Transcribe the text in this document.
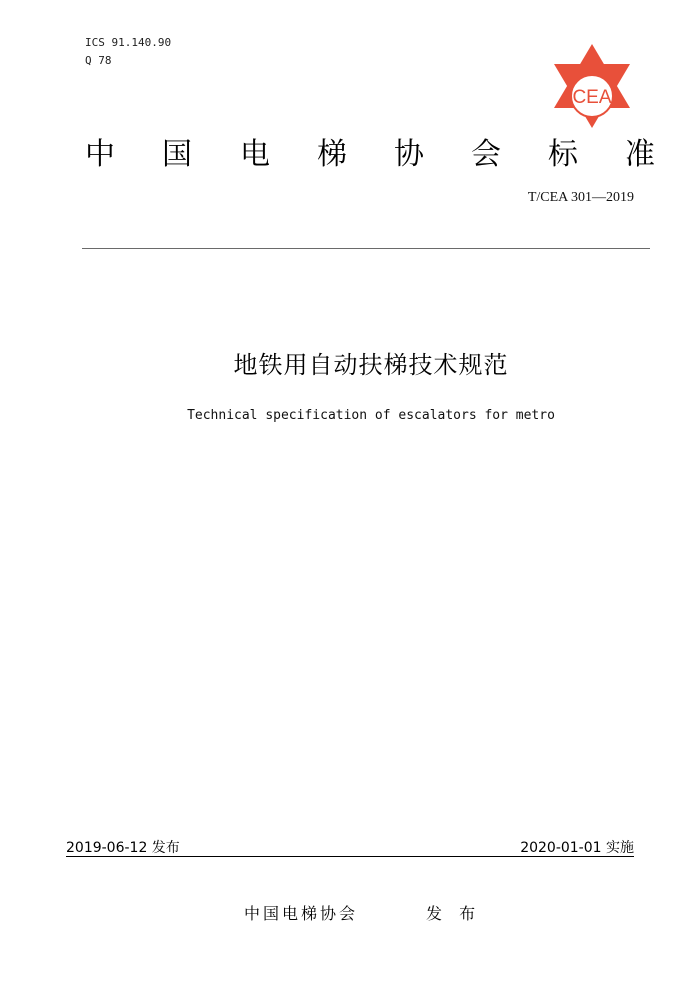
ICS 91.140.90
Q 78
CEA
中 国 电 梯 协 会 标 准
T/CEA 301—2019
地铁用自动扶梯技术规范
Technical specification of escalators for metro
2019-06-12 发布	2020-01-01 实施
中国电梯协会	发 布
